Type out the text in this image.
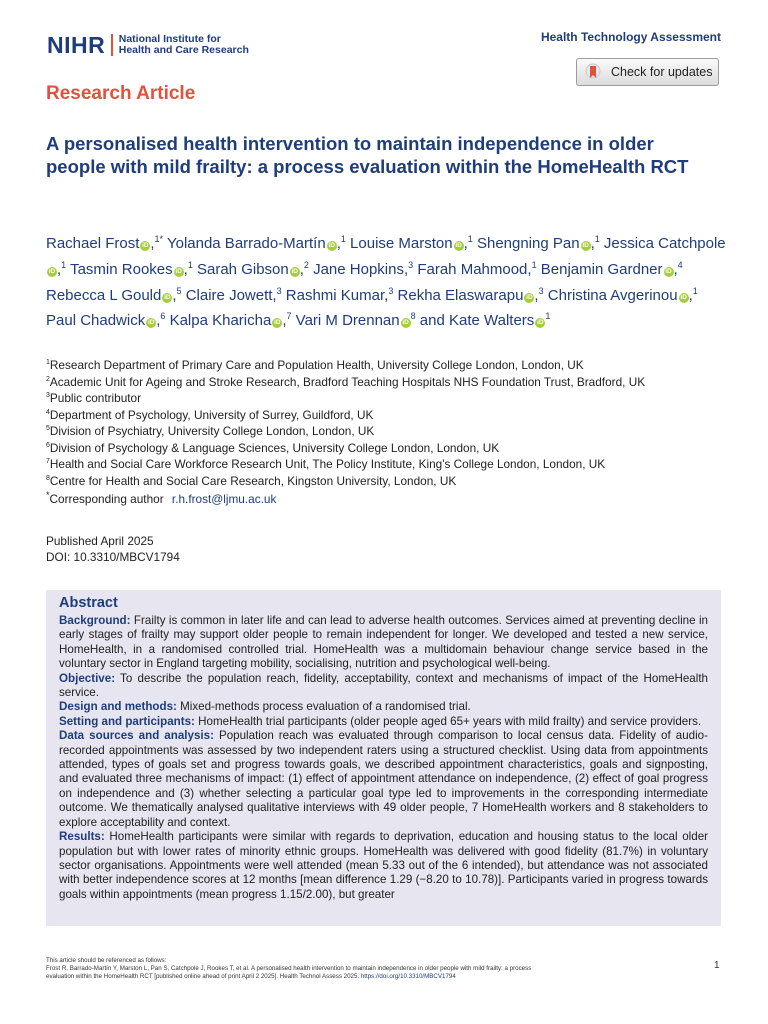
NIHR National Institute for
Health and Care Research
Health Technology Assessment
Check for updates
Research Article
A personalised health intervention to maintain independence in older people with mild frailty: a process evaluation within the HomeHealth RCT
Rachael Frost iD ,$^{1*}$ Yolanda Barrado-Martín iD ,$^1$ Louise Marston iD ,$^1$ Shengning Pan iD ,$^1$ Jessica CatchpoleiD ,$^1$ Tasmin Rookes iD ,$^1$ Sarah Gibson iD ,$^2$ Jane Hopkins,$^3$ Farah Mahmood,$^1$ Benjamin Gardner iD ,$^4$ Rebecca L Gould iD ,$^5$ Claire Jowett,$^3$ Rashmi Kumar,$^3$ Rekha Elaswarapu iD ,$^3$ Christina Avgerinou iD ,$^1$ Paul Chadwick iD ,$^6$ Kalpa Kharicha iD ,$^7$ Vari M Drennan $iD^8$ and Kate Walters $iD^1$
$^1$Research Department of Primary Care and Population Health, University College London, London, UK
$^2$Academic Unit for Ageing and Stroke Research, Bradford Teaching Hospitals NHS Foundation Trust, Bradford, UK
$^3$Public contributor
$^4$Department of Psychology, University of Surrey, Guildford, UK
$^5$Division of Psychiatry, University College London, London, UK
$^6$Division of Psychology & Language Sciences, University College London, London, UK
$^7$Health and Social Care Workforce Research Unit, The Policy Institute, King's College London, London, UK
$^8$Centre for Health and Social Care Research, Kingston University, London, UK
*Corresponding author r.h.frost@ljmu.ac.uk
Published April 2025
DOI: 10.3310/MBCV1794
Abstract

Background: Frailty is common in later life and can lead to adverse health outcomes. Services aimed at preventing decline in early stages of frailty may support older people to remain independent for longer. We developed and tested a new service, HomeHealth, in a randomised controlled trial. HomeHealth was a multidomain behaviour change service based in the voluntary sector in England targeting mobility, socialising, nutrition and psychological well-being.

Objective: To describe the population reach, fidelity, acceptability, context and mechanisms of impact of the HomeHealth service.

Design and methods: Mixed-methods process evaluation of a randomised trial.

Setting and participants: HomeHealth trial participants (older people aged 65+ years with mild frailty) and service providers.

Data sources and analysis: Population reach was evaluated through comparison to local census data. Fidelity of audio-recorded appointments was assessed by two independent raters using a structured checklist. Using data from appointments attended, types of goals set and progress towards goals, we described appointment characteristics, goals and signposting, and evaluated three mechanisms of impact: (1) effect of appointment attendance on independence, (2) effect of goal progress on independence and (3) whether selecting a particular goal type led to improvements in the corresponding intermediate outcome. We thematically analysed qualitative interviews with 49 older people, 7 HomeHealth workers and 8 stakeholders to explore acceptability and context.

Results: HomeHealth participants were similar with regards to deprivation, education and housing status to the local older population but with lower rates of minority ethnic groups. HomeHealth was delivered with good fidelity (81.7%) in voluntary sector organisations. Appointments were well attended (mean 5.33 out of the 6 intended), but attendance was not associated with better independence scores at 12 months [mean difference 1.29 (−8.20 to 10.78)]. Participants varied in progress towards goals within appointments (mean progress 1.15/2.00), but greater

This article should be referenced as follows:
Frost R, Barrado-Martín Y, Marston L, Pan S, Catchpole J, Rookes T, et al. A personalised health intervention to maintain independence in older people with mild frailty: a process
evaluation within the HomeHealth RCT [published online ahead of print April 2 2025]. Health Technol Assess 2025. https://doi.org/10.3310/MBCV1794
1
